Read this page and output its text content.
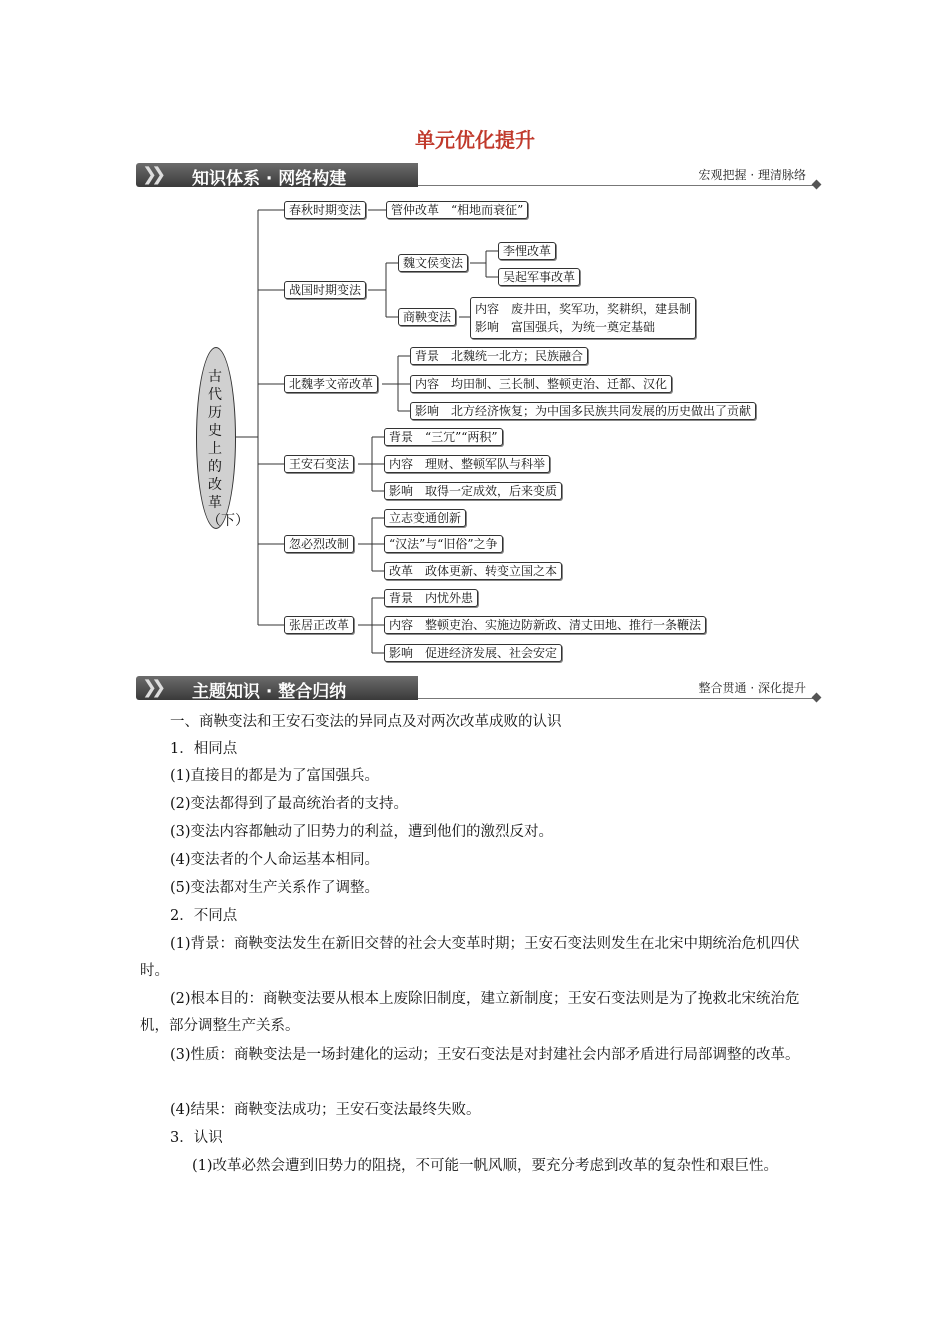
单元优化提升
❯❯ 知识体系 · 网络构建	宏观把握 · 理清脉络
古代历史上的改革（下）
春秋时期变法
战国时期变法
北魏孝文帝改革
王安石变法
忽必烈改制
张居正改革
管仲改革　“相地而衰征”
魏文侯变法
李悝改革
吴起军事改革
商鞅变法
内容　废井田，奖军功，奖耕织，建县制
影响　富国强兵，为统一奠定基础
背景　北魏统一北方；民族融合
内容　均田制、三长制、整顿吏治、迁都、汉化
影响　北方经济恢复；为中国多民族共同发展的历史做出了贡献
背景　“三冗”“两积”
内容　理财、整顿军队与科举
影响　取得一定成效，后来变质
立志变通创新
“汉法”与“旧俗”之争
改革　政体更新、转变立国之本
背景　内忧外患
内容　整顿吏治、实施边防新政、清丈田地、推行一条鞭法
影响　促进经济发展、社会安定
❯❯ 主题知识 · 整合归纳	整合贯通 · 深化提升
一、商鞅变法和王安石变法的异同点及对两次改革成败的认识
1．相同点
(1)直接目的都是为了富国强兵。
(2)变法都得到了最高统治者的支持。
(3)变法内容都触动了旧势力的利益，遭到他们的激烈反对。
(4)变法者的个人命运基本相同。
(5)变法都对生产关系作了调整。
2．不同点
(1)背景：商鞅变法发生在新旧交替的社会大变革时期；王安石变法则发生在北宋中期统治危机四伏时。
(2)根本目的：商鞅变法要从根本上废除旧制度，建立新制度；王安石变法则是为了挽救北宋统治危机，部分调整生产关系。
(3)性质：商鞅变法是一场封建化的运动；王安石变法是对封建社会内部矛盾进行局部调整的改革。
(4)结果：商鞅变法成功；王安石变法最终失败。
3．认识
(1)改革必然会遭到旧势力的阻挠，不可能一帆风顺，要充分考虑到改革的复杂性和艰巨性。
